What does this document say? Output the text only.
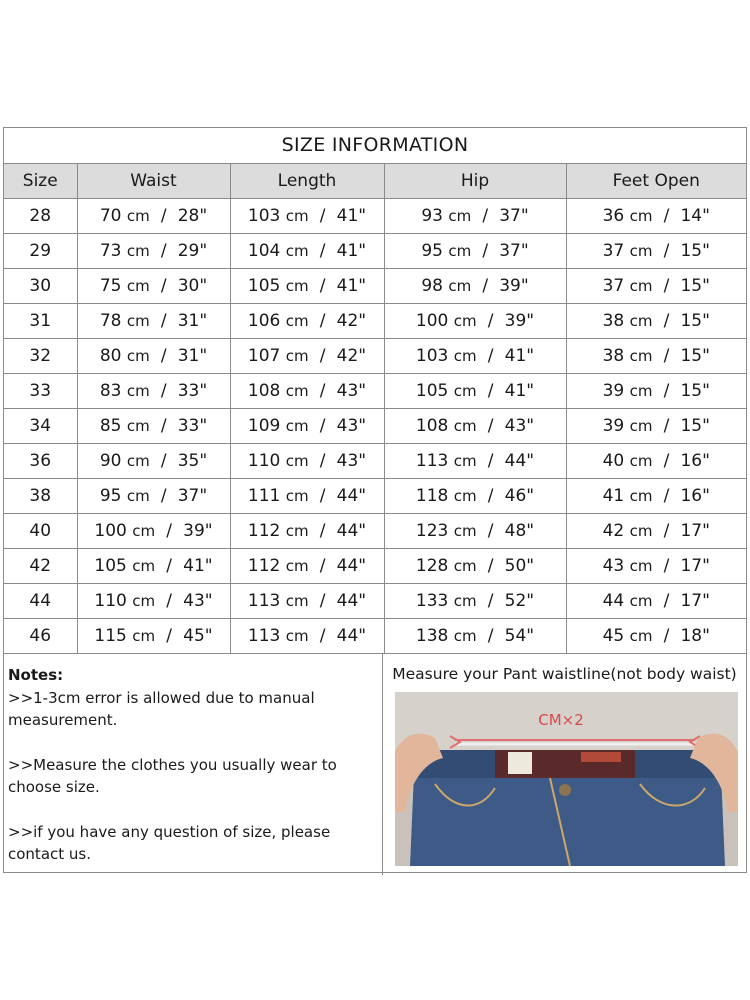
SIZE INFORMATION
Size	Waist	Length	Hip	Feet Open
28	70 cm / 28"	103 cm / 41"	93 cm / 37"	36 cm / 14"
29	73 cm / 29"	104 cm / 41"	95 cm / 37"	37 cm / 15"
30	75 cm / 30"	105 cm / 41"	98 cm / 39"	37 cm / 15"
31	78 cm / 31"	106 cm / 42"	100 cm / 39"	38 cm / 15"
32	80 cm / 31"	107 cm / 42"	103 cm / 41"	38 cm / 15"
33	83 cm / 33"	108 cm / 43"	105 cm / 41"	39 cm / 15"
34	85 cm / 33"	109 cm / 43"	108 cm / 43"	39 cm / 15"
36	90 cm / 35"	110 cm / 43"	113 cm / 44"	40 cm / 16"
38	95 cm / 37"	111 cm / 44"	118 cm / 46"	41 cm / 16"
40	100 cm / 39"	112 cm / 44"	123 cm / 48"	42 cm / 17"
42	105 cm / 41"	112 cm / 44"	128 cm / 50"	43 cm / 17"
44	110 cm / 43"	113 cm / 44"	133 cm / 52"	44 cm / 17"
46	115 cm / 45"	113 cm / 44"	138 cm / 54"	45 cm / 18"
Notes:
>>1-3cm error is allowed due to manual measurement.
>>Measure the clothes you usually wear to choose size.
>>if you have any question of size, please contact us.
Measure your Pant waistline(not body waist)
CM×2
